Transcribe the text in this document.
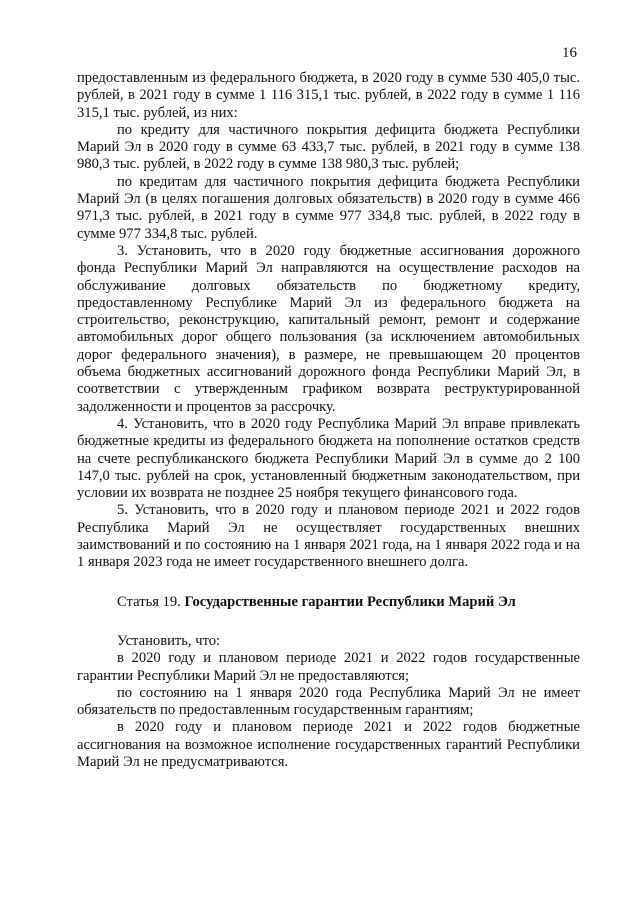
16

предоставленным из федерального бюджета, в 2020 году в сумме 530 405,0 тыс. рублей, в 2021 году в сумме 1 116 315,1 тыс. рублей, в 2022 году в сумме 1 116 315,1 тыс. рублей, из них:

по кредиту для частичного покрытия дефицита бюджета Республики Марий Эл в 2020 году в сумме 63 433,7 тыс. рублей, в 2021 году в сумме 138 980,3 тыс. рублей, в 2022 году в сумме 138 980,3 тыс. рублей;

по кредитам для частичного покрытия дефицита бюджета Республики Марий Эл (в целях погашения долговых обязательств) в 2020 году в сумме 466 971,3 тыс. рублей, в 2021 году в сумме 977 334,8 тыс. рублей, в 2022 году в сумме 977 334,8 тыс. рублей.

3. Установить, что в 2020 году бюджетные ассигнования дорожного фонда Республики Марий Эл направляются на осуществление расходов на обслуживание долговых обязательств по бюджетному кредиту, предоставленному Республике Марий Эл из федерального бюджета на строительство, реконструкцию, капитальный ремонт, ремонт и содержание автомобильных дорог общего пользования (за исключением автомобильных дорог федерального значения), в размере, не превышающем 20 процентов объема бюджетных ассигнований дорожного фонда Республики Марий Эл, в соответствии с утвержденным графиком возврата реструктурированной задолженности и процентов за рассрочку.

4. Установить, что в 2020 году Республика Марий Эл вправе привлекать бюджетные кредиты из федерального бюджета на пополнение остатков средств на счете республиканского бюджета Республики Марий Эл в сумме до 2 100 147,0 тыс. рублей на срок, установленный бюджетным законодательством, при условии их возврата не позднее 25 ноября текущего финансового года.

5. Установить, что в 2020 году и плановом периоде 2021 и 2022 годов Республика Марий Эл не осуществляет государственных внешних заимствований и по состоянию на 1 января 2021 года, на 1 января 2022 года и на 1 января 2023 года не имеет государственного внешнего долга.

Статья 19. Государственные гарантии Республики Марий Эл

Установить, что:

в 2020 году и плановом периоде 2021 и 2022 годов государственные гарантии Республики Марий Эл не предоставляются;

по состоянию на 1 января 2020 года Республика Марий Эл не имеет обязательств по предоставленным государственным гарантиям;

в 2020 году и плановом периоде 2021 и 2022 годов бюджетные ассигнования на возможное исполнение государственных гарантий Республики Марий Эл не предусматриваются.
